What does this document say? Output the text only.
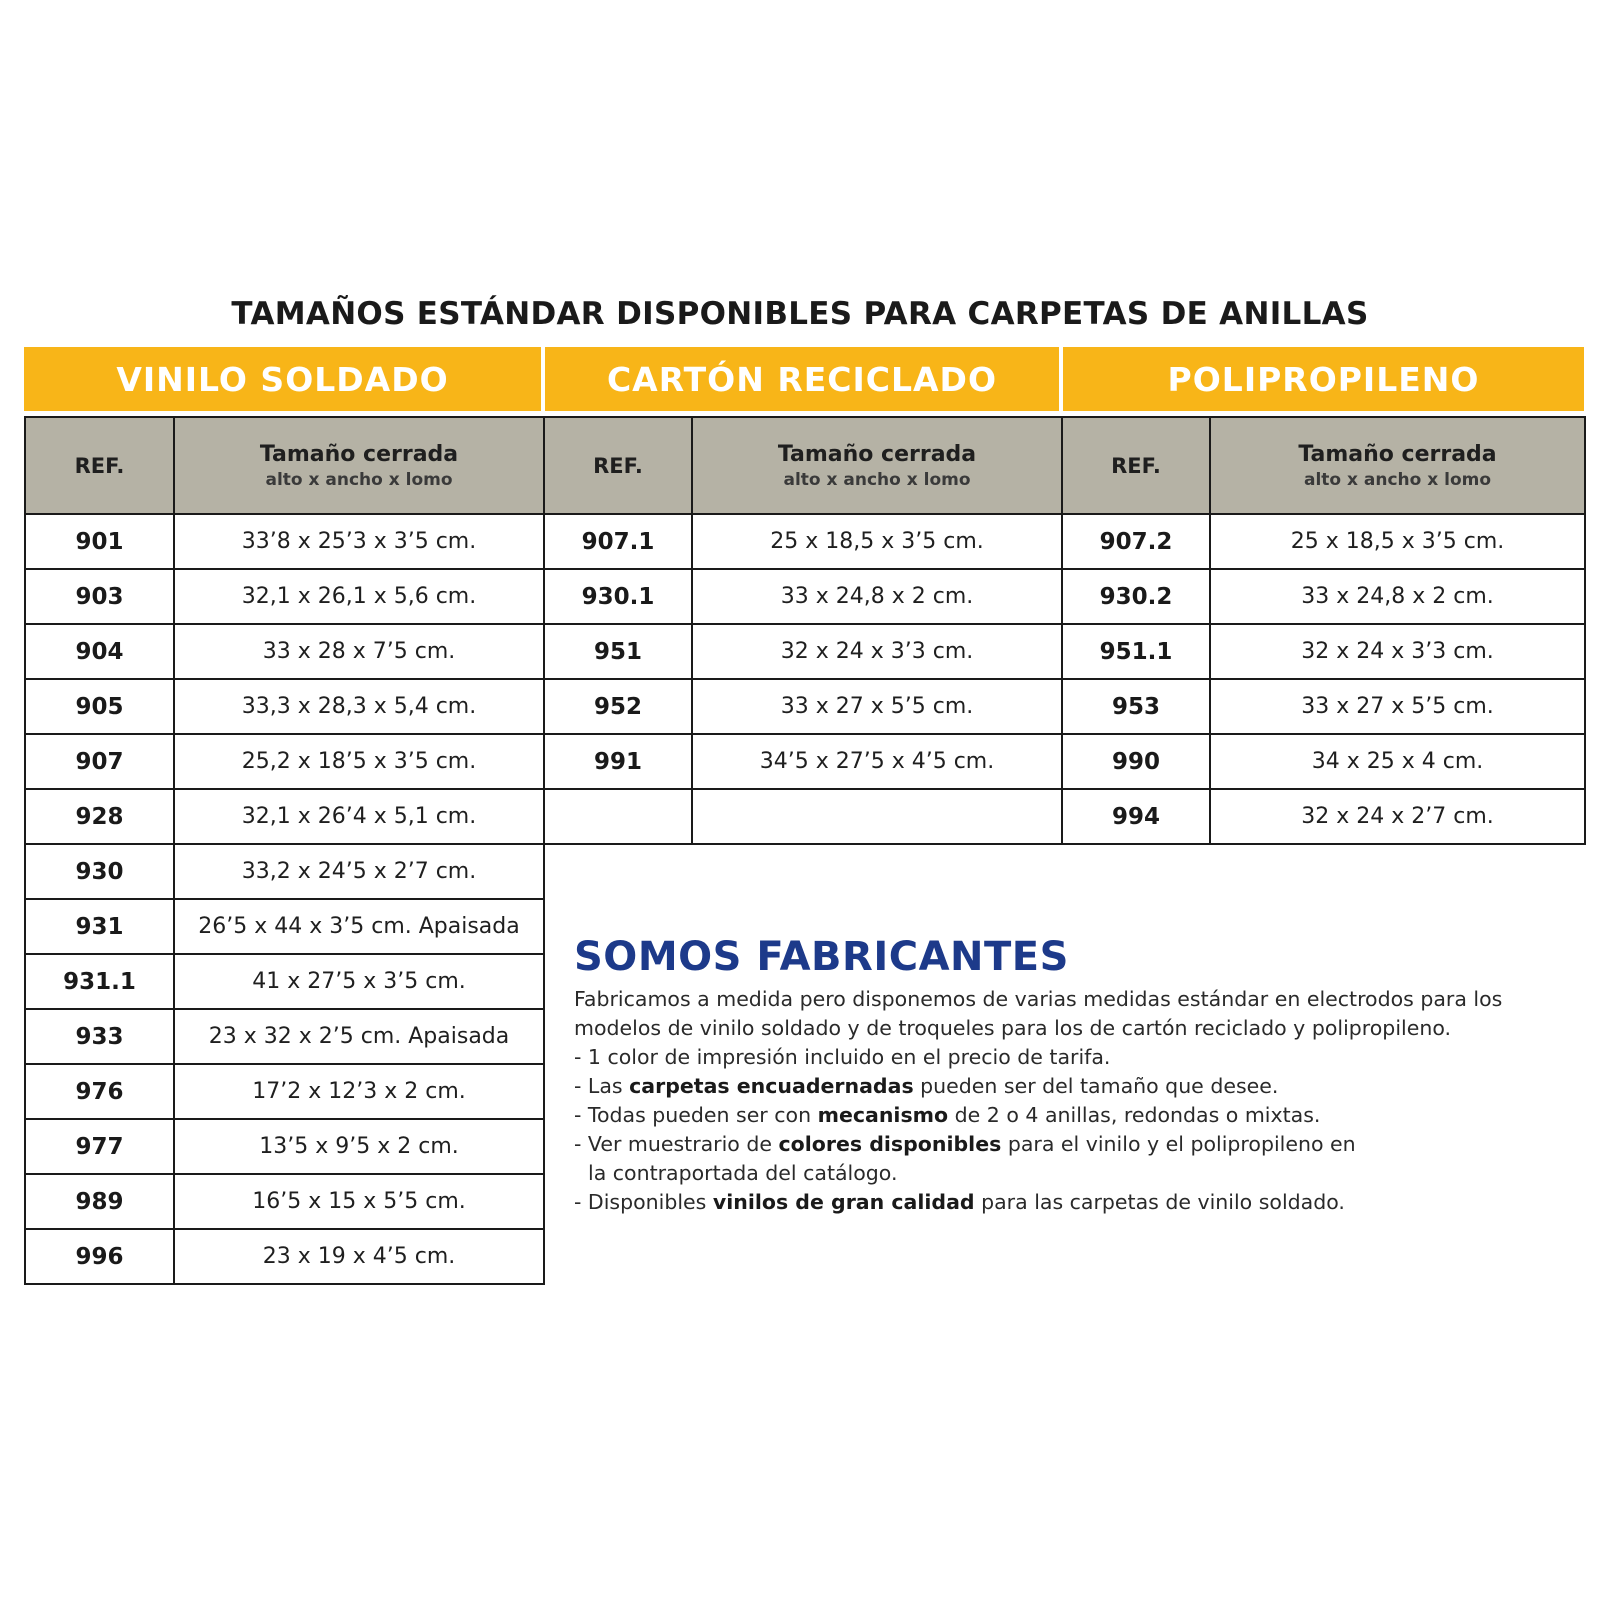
TAMAÑOS ESTÁNDAR DISPONIBLES PARA CARPETAS DE ANILLAS
VINILO SOLDADO	CARTÓN RECICLADO	POLIPROPILENO
REF.	Tamaño cerrada
alto x ancho x lomo

901	33’8 x 25’3 x 3’5 cm.
903	32,1 x 26,1 x 5,6 cm.
904	33 x 28 x 7’5 cm.
905	33,3 x 28,3 x 5,4 cm.
907	25,2 x 18’5 x 3’5 cm.
928	32,1 x 26’4 x 5,1 cm.
930	33,2 x 24’5 x 2’7 cm.
931	26’5 x 44 x 3’5 cm. Apaisada
931.1	41 x 27’5 x 3’5 cm.
933	23 x 32 x 2’5 cm. Apaisada
976	17’2 x 12’3 x 2 cm.
977	13’5 x 9’5 x 2 cm.
989	16’5 x 15 x 5’5 cm.
996	23 x 19 x 4’5 cm.
REF.	Tamaño cerrada
alto x ancho x lomo

907.1	25 x 18,5 x 3’5 cm.
930.1	33 x 24,8 x 2 cm.
951	32 x 24 x 3’3 cm.
952	33 x 27 x 5’5 cm.
991	34’5 x 27’5 x 4’5 cm.

REF.	Tamaño cerrada
alto x ancho x lomo

907.2	25 x 18,5 x 3’5 cm.
930.2	33 x 24,8 x 2 cm.
951.1	32 x 24 x 3’3 cm.
953	33 x 27 x 5’5 cm.
990	34 x 25 x 4 cm.
994	32 x 24 x 2’7 cm.
SOMOS FABRICANTES

Fabricamos a medida pero disponemos de varias medidas estándar en electrodos para los

modelos de vinilo soldado y de troqueles para los de cartón reciclado y polipropileno.

- 1 color de impresión incluido en el precio de tarifa.

- Las carpetas encuadernadas pueden ser del tamaño que desee.

- Todas pueden ser con mecanismo de 2 o 4 anillas, redondas o mixtas.

- Ver muestrario de colores disponibles para el vinilo y el polipropileno en

la contraportada del catálogo.

- Disponibles vinilos de gran calidad para las carpetas de vinilo soldado.
